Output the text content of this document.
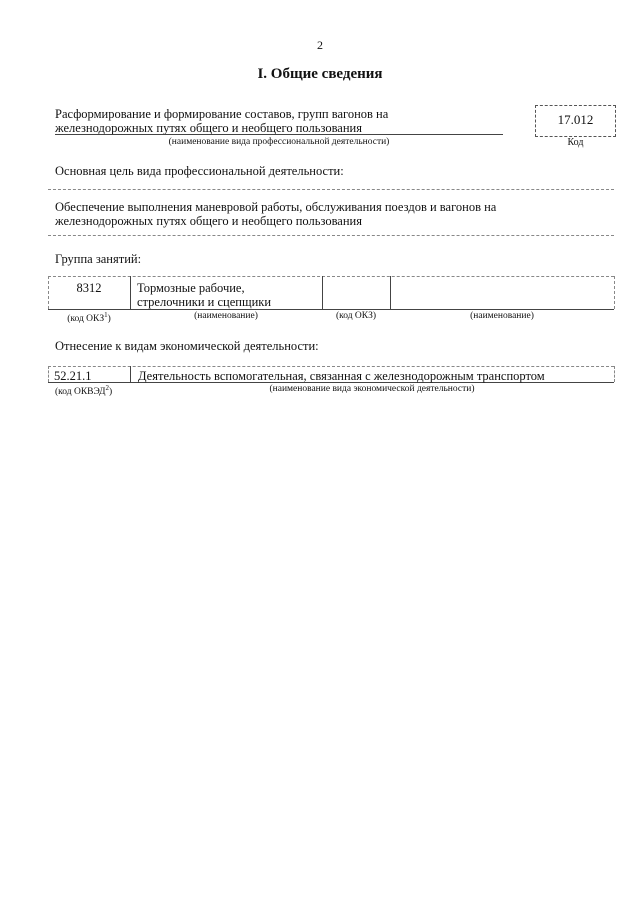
2
I. Общие сведения
Расформирование и формирование составов, групп вагонов на
железнодорожных путях общего и необщего пользования
(наименование вида профессиональной деятельности)
17.012
Код
Основная цель вида профессиональной деятельности:
Обеспечение выполнения маневровой работы, обслуживания поездов и вагонов на
железнодорожных путях общего и необщего пользования
Группа занятий:
8312	Тормозные рабочие,
стрелочники и сцепщики
(код ОКЗ$^1$)	(наименование)	(код ОКЗ)	(наименование)
Отнесение к видам экономической деятельности:
52.21.1	Деятельность вспомогательная, связанная с железнодорожным транспортом
(код ОКВЭД$^2$)	(наименование вида экономической деятельности)
